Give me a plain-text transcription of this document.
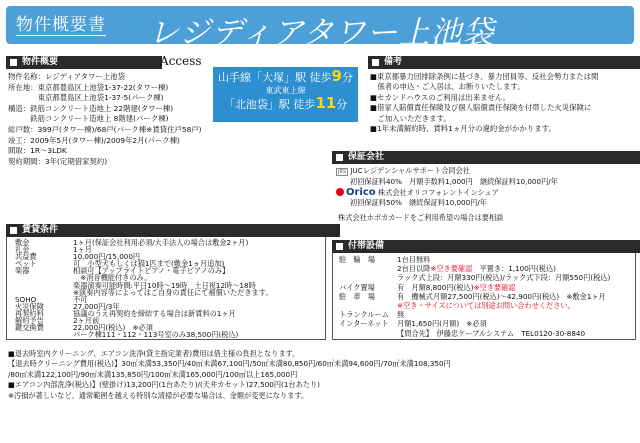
物件概要書 レジディアタワー上池袋
物件概要
物件名称：レジディアタワー上池袋
所在地：東京都豊島区上池袋1-37-22(タワー棟)
　　　　東京都豊島区上池袋1-37-5(パーク棟)
構造：鉄筋コンクリート造地上 22階建(タワー棟)
　　　鉄筋コンクリート造地上 8階建(パーク棟)
総戸数：399戸(タワー棟)/68戸(パーク棟※賃貸住戸58戸)
竣工：2009年5月(タワー棟)/2009年2月(パーク棟)
間取：1R～3LDK
契約期間：3年(定期借家契約)
Access
山手線「大塚」駅 徒歩9分
東武東上線
「北池袋」駅 徒歩11分
備考
■東京都暴力団排除条例に基づき、暴力団員等、反社会勢力または関
　係者の申込・ご入居は、お断りいたします。
■セカンドハウスのご利用は出来ません。
■借家人賠償責任保険及び個人賠償責任保険を付帯した火災保険に
　ご加入いただきます。
■1年未満解約時、賃料1ヵ月分の違約金がかかります。
保証会社
JRS JUCレジデンシャルサポート合同会社
初回保証料40%　月額手数料1,000円　継続保証料10,000円/年
Orico 株式会社オリコフォレントインシュア
初回保証料50%　継続保証料10,000円/年
株式会社ホポカカードをご利用希望の場合は要相談
賃貸条件
敷金	1ヶ月(保証会社利用必須/大手法人の場合は敷金2ヶ月)
礼金	1ヶ月
共益費	10,000円/15,000円
ペット	可　小型犬もしくは猫1匹まで(敷金1ヵ月追加)
楽器	相談可【アップライトピアノ・電子ピアノのみ】
　※消音機能付きのみ。
楽器演奏可能時間:平日10時～19時　土日祝12時～18時
※演奏内容等によってはご自身の責任にて補償いただきます。
SOHO	不可
火災保険	27,000円/3年
再契約料	協議のうえ再契約を締結する場合は新賃料の1ヶ月
解約予告	2ヶ月前
鍵交換費	22,000円(税込)　※必須
パーク棟111・112・113号室のみ38,500円(税込)
付帯設備
駐　輪　場	1台目無料
2台目以降 ※空き要確認 　平置き：1,100円(税込)
ラック式上段：月額330円(税込)/ラック式下段：月額550円(税込)
バイク置場	有　月額8,800円(税込) ※空き要確認
駐　車　場	有　機械式月額27,500円(税込)～42,900円(税込) 　※敷金1ヶ月
※空き・サイズについては別途お問い合わせください。
トランクルーム	無
インターネット	月額1,650円(月額)　※必須
【問合先】　伊藤忠ケーブルシステム　TEL0120-30-8840
■退去時室内クリーニング、エアコン洗浄(貸主指定業者)費用は借主様の負担となります。
【退去時クリーニング費用(税込)】30㎡未満53,350円/40㎡未満67,100円/50㎡未満80,850円/60㎡未満94,600円/70㎡未満108,350円
/80㎡未満122,100円/90㎡未満135,850円/100㎡未満165,000円/100㎡以上165,000円
■エアコン内部洗浄(税込)】(壁掛け)13,200円(1台あたり)/(天井カセット)27,500円(1台あたり)
※汚損が著しいなど、通常範囲を越える特別な清掃が必要な場合は、金額が変更になります。
